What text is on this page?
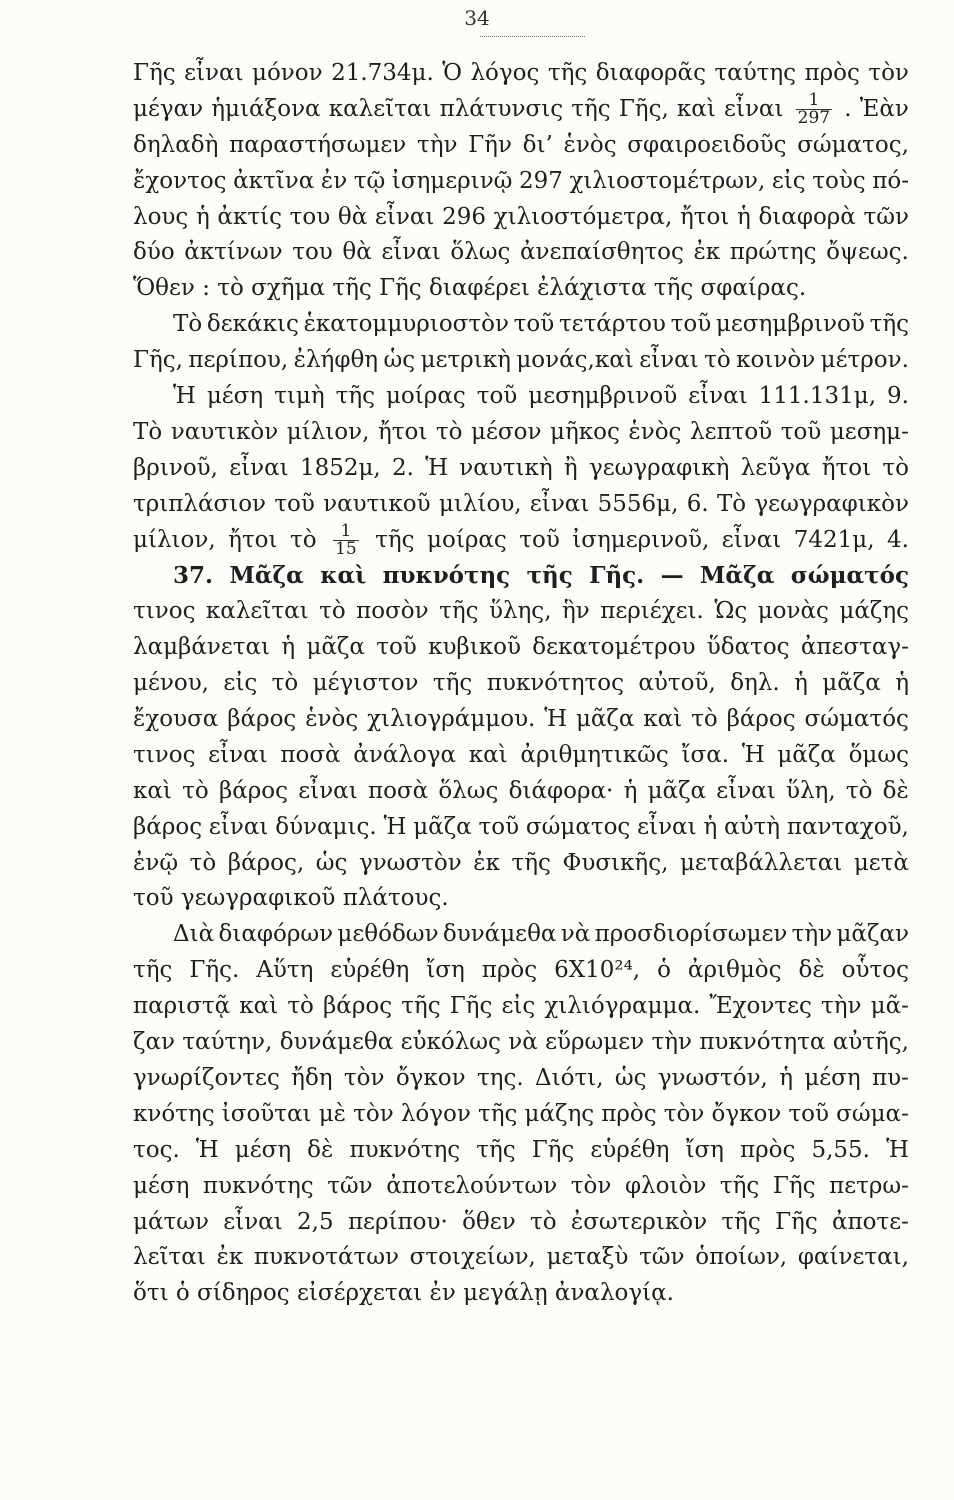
34
Γῆς εἶναι μόνον 21.734μ. Ὁ λόγος τῆς διαφορᾶς ταύτης πρὸς τὸν
μέγαν ἡμιάξονα καλεῖται πλάτυνσις τῆς Γῆς, καὶ εἶναι $\frac{1}{297}$ . Ἐὰν
δηλαδὴ παραστήσωμεν τὴν Γῆν δι’ ἑνὸς σφαιροειδοῦς σώματος,
ἔχοντος ἀκτῖνα ἐν τῷ ἰσημερινῷ 297 χιλιοστομέτρων, εἰς τοὺς πό-
λους ἡ ἀκτίς του θὰ εἶναι 296 χιλιοστόμετρα, ἤτοι ἡ διαφορὰ τῶν
δύο ἀκτίνων του θὰ εἶναι ὅλως ἀνεπαίσθητος ἐκ πρώτης ὄψεως.
Ὅθεν : τὸ σχῆμα τῆς Γῆς διαφέρει ἐλάχιστα τῆς σφαίρας.
Τὸ δεκάκις ἑκατομμυριοστὸν τοῦ τετάρτου τοῦ μεσημβρινοῦ τῆς
Γῆς, περίπου, ἐλήφθη ὡς μετρικὴ μονάς,καὶ εἶναι τὸ κοινὸν μέτρον.
Ἡ μέση τιμὴ τῆς μοίρας τοῦ μεσημβρινοῦ εἶναι 111.131μ, 9.
Τὸ ναυτικὸν μίλιον, ἤτοι τὸ μέσον μῆκος ἑνὸς λεπτοῦ τοῦ μεσημ-
βρινοῦ, εἶναι 1852μ, 2. Ἡ ναυτικὴ ἢ γεωγραφικὴ λεῦγα ἤτοι τὸ
τριπλάσιον τοῦ ναυτικοῦ μιλίου, εἶναι 5556μ, 6. Τὸ γεωγραφικὸν
μίλιον, ἤτοι τὸ $\frac{1}{15}$ τῆς μοίρας τοῦ ἰσημερινοῦ, εἶναι 7421μ, 4.
37. Μᾶζα καὶ πυκνότης τῆς Γῆς. — Μᾶζα σώματός
τινος καλεῖται τὸ ποσὸν τῆς ὕλης, ἣν περιέχει. Ὡς μονὰς μάζης
λαμβάνεται ἡ μᾶζα τοῦ κυβικοῦ δεκατομέτρου ὕδατος ἀπεσταγ-
μένου, εἰς τὸ μέγιστον τῆς πυκνότητος αὐτοῦ, δηλ. ἡ μᾶζα ἡ
ἔχουσα βάρος ἑνὸς χιλιογράμμου. Ἡ μᾶζα καὶ τὸ βάρος σώματός
τινος εἶναι ποσὰ ἀνάλογα καὶ ἀριθμητικῶς ἴσα. Ἡ μᾶζα ὅμως
καὶ τὸ βάρος εἶναι ποσὰ ὅλως διάφορα· ἡ μᾶζα εἶναι ὕλη, τὸ δὲ
βάρος εἶναι δύναμις. Ἡ μᾶζα τοῦ σώματος εἶναι ἡ αὐτὴ πανταχοῦ,
ἐνῷ τὸ βάρος, ὡς γνωστὸν ἐκ τῆς Φυσικῆς, μεταβάλλεται μετὰ
τοῦ γεωγραφικοῦ πλάτους.
Διὰ διαφόρων μεθόδων δυνάμεθα νὰ προσδιορίσωμεν τὴν μᾶζαν
τῆς Γῆς. Αὕτη εὑρέθη ἴση πρὸς 6Χ10²⁴, ὁ ἀριθμὸς δὲ οὗτος
παριστᾷ καὶ τὸ βάρος τῆς Γῆς εἰς χιλιόγραμμα. Ἔχοντες τὴν μᾶ-
ζαν ταύτην, δυνάμεθα εὐκόλως νὰ εὕρωμεν τὴν πυκνότητα αὐτῆς,
γνωρίζοντες ἤδη τὸν ὄγκον της. Διότι, ὡς γνωστόν, ἡ μέση πυ-
κνότης ἰσοῦται μὲ τὸν λόγον τῆς μάζης πρὸς τὸν ὄγκον τοῦ σώμα-
τος. Ἡ μέση δὲ πυκνότης τῆς Γῆς εὑρέθη ἴση πρὸς 5,55. Ἡ
μέση πυκνότης τῶν ἀποτελούντων τὸν φλοιὸν τῆς Γῆς πετρω-
μάτων εἶναι 2,5 περίπου· ὅθεν τὸ ἐσωτερικὸν τῆς Γῆς ἀποτε-
λεῖται ἐκ πυκνοτάτων στοιχείων, μεταξὺ τῶν ὁποίων, φαίνεται,
ὅτι ὁ σίδηρος εἰσέρχεται ἐν μεγάλῃ ἀναλογίᾳ.
